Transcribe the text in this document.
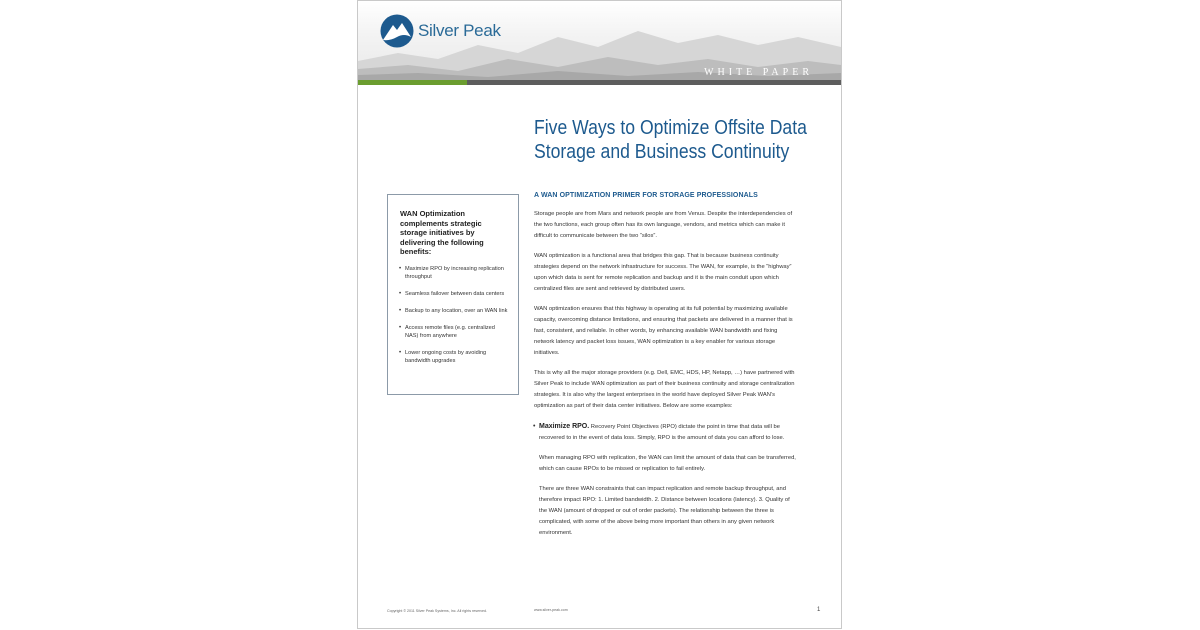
Silver Peak
WHITE PAPER
Five Ways to Optimize Offsite Data
Storage and Business Continuity
WAN Optimization complements strategic storage initiatives by delivering the following benefits:
• Maximize RPO by increasing replication throughput
• Seamless failover between data centers
• Backup to any location, over an WAN link
• Access remote files (e.g. centralized NAS) from anywhere
• Lower ongoing costs by avoiding bandwidth upgrades
A WAN OPTIMIZATION PRIMER FOR STORAGE PROFESSIONALS

Storage people are from Mars and network people are from Venus. Despite the interdependencies of the two functions, each group often has its own language, vendors, and metrics which can make it difficult to communicate between the two “silos”.

WAN optimization is a functional area that bridges this gap. That is because business continuity strategies depend on the network infrastructure for success. The WAN, for example, is the “highway” upon which data is sent for remote replication and backup and it is the main conduit upon which centralized files are sent and retrieved by distributed users.

WAN optimization ensures that this highway is operating at its full potential by maximizing available capacity, overcoming distance limitations, and ensuring that packets are delivered in a manner that is fast, consistent, and reliable. In other words, by enhancing available WAN bandwidth and fixing network latency and packet loss issues, WAN optimization is a key enabler for various storage initiatives.

This is why all the major storage providers (e.g. Dell, EMC, HDS, HP, Netapp, …) have partnered with Silver Peak to include WAN optimization as part of their business continuity and storage centralization strategies. It is also why the largest enterprises in the world have deployed Silver Peak WAN’s optimization as part of their data center initiatives. Below are some examples:

• Maximize RPO. Recovery Point Objectives (RPO) dictate the point in time that data will be recovered to in the event of data loss. Simply, RPO is the amount of data you can afford to lose.

When managing RPO with replication, the WAN can limit the amount of data that can be transferred, which can cause RPOs to be missed or replication to fail entirely.

There are three WAN constraints that can impact replication and remote backup throughput, and therefore impact RPO: 1. Limited bandwidth. 2. Distance between locations (latency). 3. Quality of the WAN (amount of dropped or out of order packets). The relationship between the three is complicated, with some of the above being more important than others in any given network environment.

Copyright © 2011 Silver Peak Systems, Inc. All rights reserved.	www.silver-peak.com	1
